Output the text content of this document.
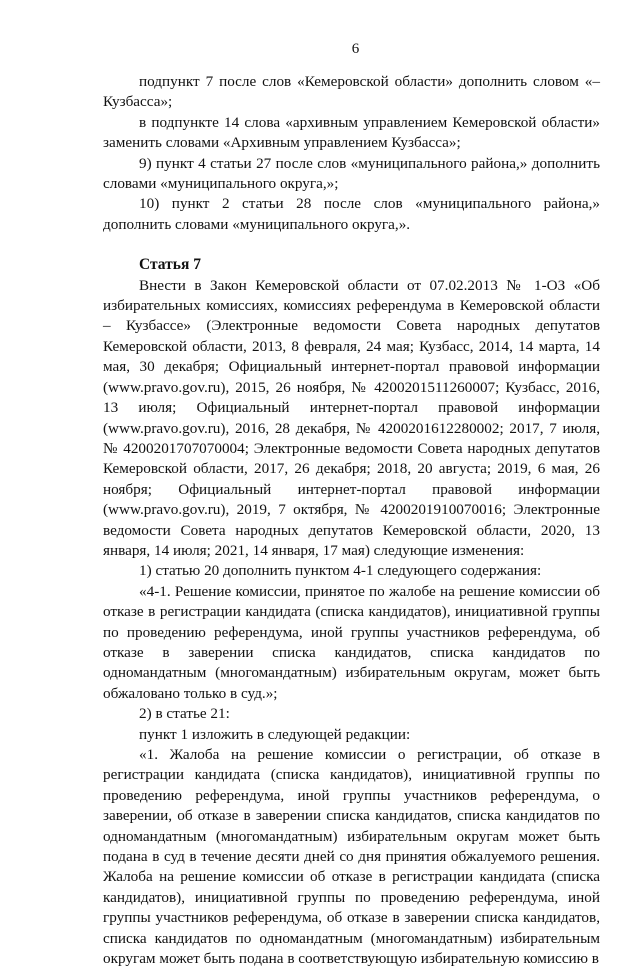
6

подпункт 7 после слов «Кемеровской области» дополнить словом «– Кузбасса»;

в подпункте 14 слова «архивным управлением Кемеровской области» заменить словами «Архивным управлением Кузбасса»;

9) пункт 4 статьи 27 после слов «муниципального района,» дополнить словами «муниципального округа,»;

10) пункт 2 статьи 28 после слов «муниципального района,» дополнить словами «муниципального округа,».

Статья 7

Внести в Закон Кемеровской области от 07.02.2013 № 1-ОЗ «Об избирательных комиссиях, комиссиях референдума в Кемеровской области – Кузбассе» (Электронные ведомости Совета народных депутатов Кемеровской области, 2013, 8 февраля, 24 мая; Кузбасс, 2014, 14 марта, 14 мая, 30 декабря; Официальный интернет-портал правовой информации (www.pravo.gov.ru), 2015, 26 ноября, № 4200201511260007; Кузбасс, 2016, 13 июля; Официальный интернет-портал правовой информации (www.pravo.gov.ru), 2016, 28 декабря, № 4200201612280002; 2017, 7 июля, № 4200201707070004; Электронные ведомости Совета народных депутатов Кемеровской области, 2017, 26 декабря; 2018, 20 августа; 2019, 6 мая, 26 ноября; Официальный интернет-портал правовой информации (www.pravo.gov.ru), 2019, 7 октября, № 4200201910070016; Электронные ведомости Совета народных депутатов Кемеровской области, 2020, 13 января, 14 июля; 2021, 14 января, 17 мая) следующие изменения:

1) статью 20 дополнить пунктом 4-1 следующего содержания:

«4-1. Решение комиссии, принятое по жалобе на решение комиссии об отказе в регистрации кандидата (списка кандидатов), инициативной группы по проведению референдума, иной группы участников референдума, об отказе в заверении списка кандидатов, списка кандидатов по одномандатным (многомандатным) избирательным округам, может быть обжаловано только в суд.»;

2) в статье 21:

пункт 1 изложить в следующей редакции:

«1. Жалоба на решение комиссии о регистрации, об отказе в регистрации кандидата (списка кандидатов), инициативной группы по проведению референдума, иной группы участников референдума, о заверении, об отказе в заверении списка кандидатов, списка кандидатов по одномандатным (многомандатным) избирательным округам может быть подана в суд в течение десяти дней со дня принятия обжалуемого решения. Жалоба на решение комиссии об отказе в регистрации кандидата (списка кандидатов), инициативной группы по проведению референдума, иной группы участников референдума, об отказе в заверении списка кандидатов, списка кандидатов по одномандатным (многомандатным) избирательным округам может быть подана в соответствующую избирательную комиссию в
